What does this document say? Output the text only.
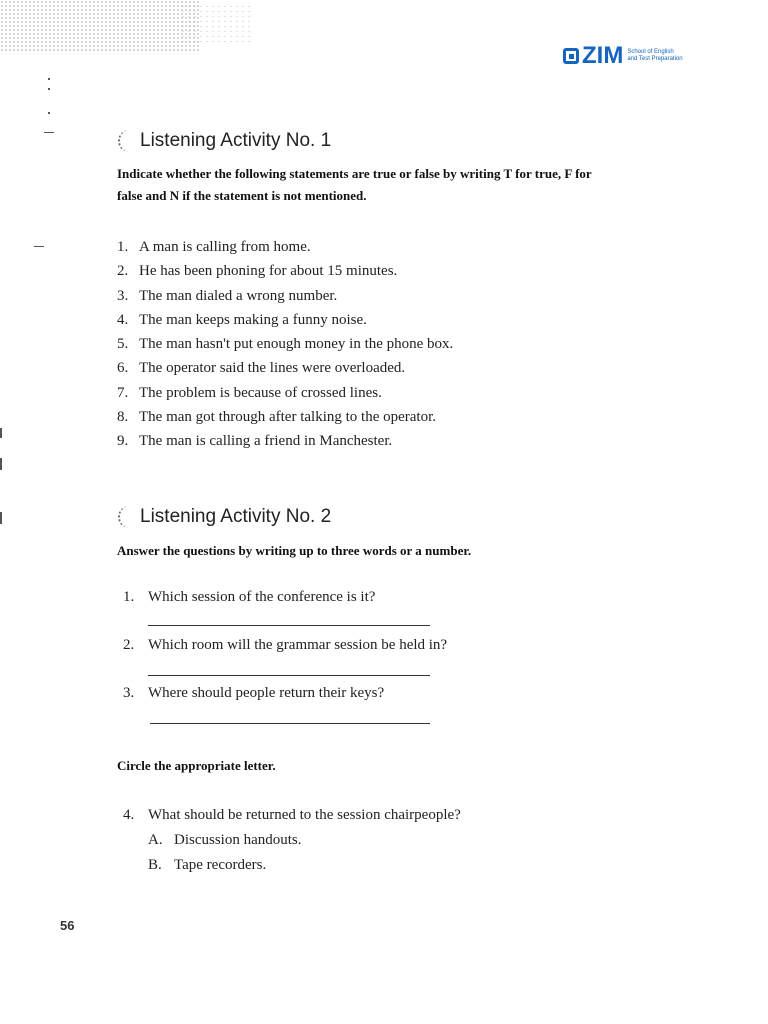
ZIM School of English and Test Preparation
Listening Activity No. 1
Indicate whether the following statements are true or false by writing T for true, F for
false and N if the statement is not mentioned.
1. A man is calling from home.
2. He has been phoning for about 15 minutes.
3. The man dialed a wrong number.
4. The man keeps making a funny noise.
5. The man hasn't put enough money in the phone box.
6. The operator said the lines were overloaded.
7. The problem is because of crossed lines.
8. The man got through after talking to the operator.
9. The man is calling a friend in Manchester.
Listening Activity No. 2
Answer the questions by writing up to three words or a number.
1. Which session of the conference is it?
2. Which room will the grammar session be held in?
3. Where should people return their keys?
Circle the appropriate letter.
4. What should be returned to the session chairpeople?
A. Discussion handouts.
B. Tape recorders.
56
